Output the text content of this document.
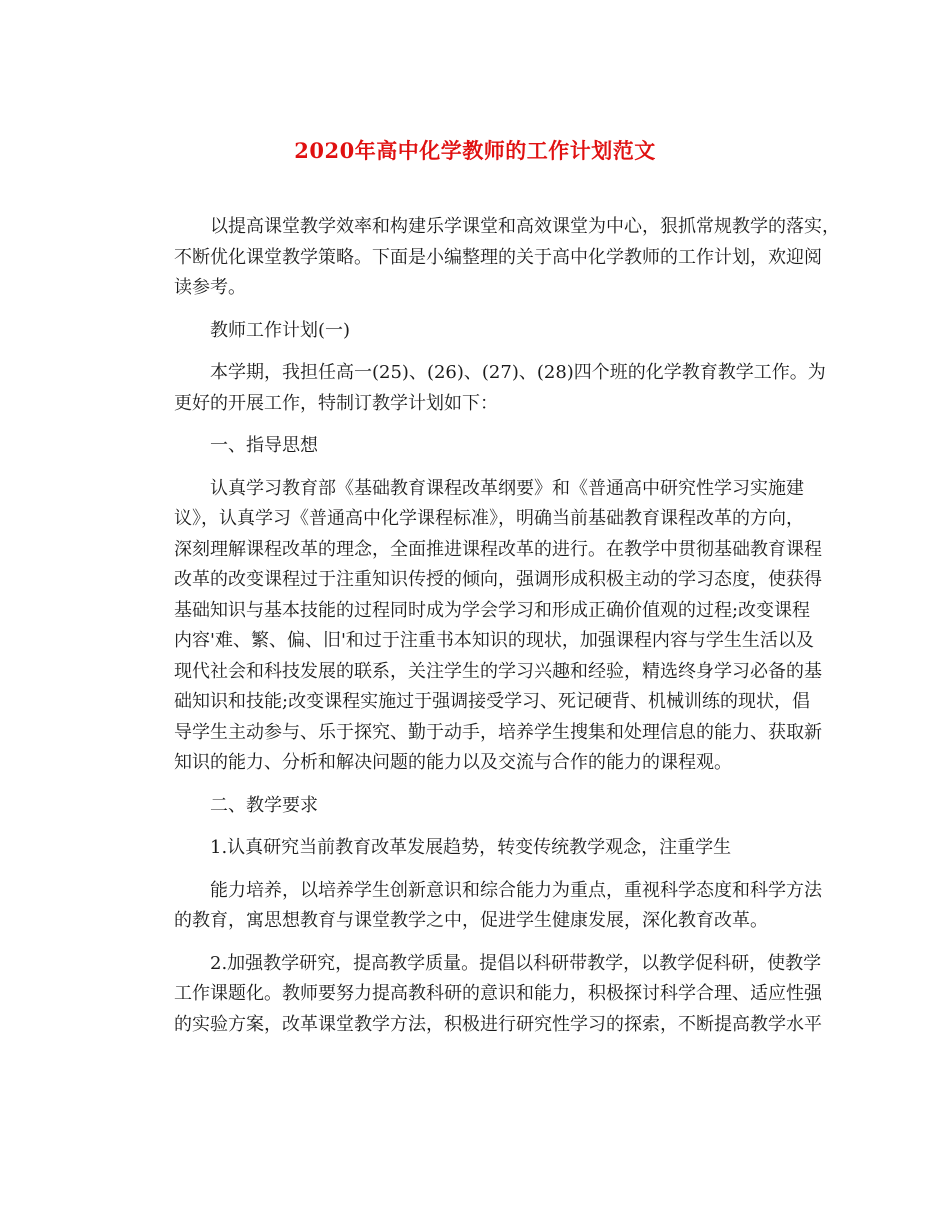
2020年高中化学教师的工作计划范文
以提高课堂教学效率和构建乐学课堂和高效课堂为中心，狠抓常规教学的落实，
不断优化课堂教学策略。下面是小编整理的关于高中化学教师的工作计划，欢迎阅
读参考。
教师工作计划(一)
本学期，我担任高一(25)、(26)、(27)、(28)四个班的化学教育教学工作。为
更好的开展工作，特制订教学计划如下：
一、指导思想
认真学习教育部《基础教育课程改革纲要》和《普通高中研究性学习实施建
议》，认真学习《普通高中化学课程标准》，明确当前基础教育课程改革的方向，
深刻理解课程改革的理念，全面推进课程改革的进行。在教学中贯彻基础教育课程
改革的改变课程过于注重知识传授的倾向，强调形成积极主动的学习态度，使获得
基础知识与基本技能的过程同时成为学会学习和形成正确价值观的过程;改变课程
内容'难、繁、偏、旧'和过于注重书本知识的现状，加强课程内容与学生生活以及
现代社会和科技发展的联系，关注学生的学习兴趣和经验，精选终身学习必备的基
础知识和技能;改变课程实施过于强调接受学习、死记硬背、机械训练的现状，倡
导学生主动参与、乐于探究、勤于动手，培养学生搜集和处理信息的能力、获取新
知识的能力、分析和解决问题的能力以及交流与合作的能力的课程观。
二、教学要求
1.认真研究当前教育改革发展趋势，转变传统教学观念，注重学生
能力培养，以培养学生创新意识和综合能力为重点，重视科学态度和科学方法
的教育，寓思想教育与课堂教学之中，促进学生健康发展，深化教育改革。
2.加强教学研究，提高教学质量。提倡以科研带教学，以教学促科研，使教学
工作课题化。教师要努力提高教科研的意识和能力，积极探讨科学合理、适应性强
的实验方案，改革课堂教学方法，积极进行研究性学习的探索，不断提高教学水平
